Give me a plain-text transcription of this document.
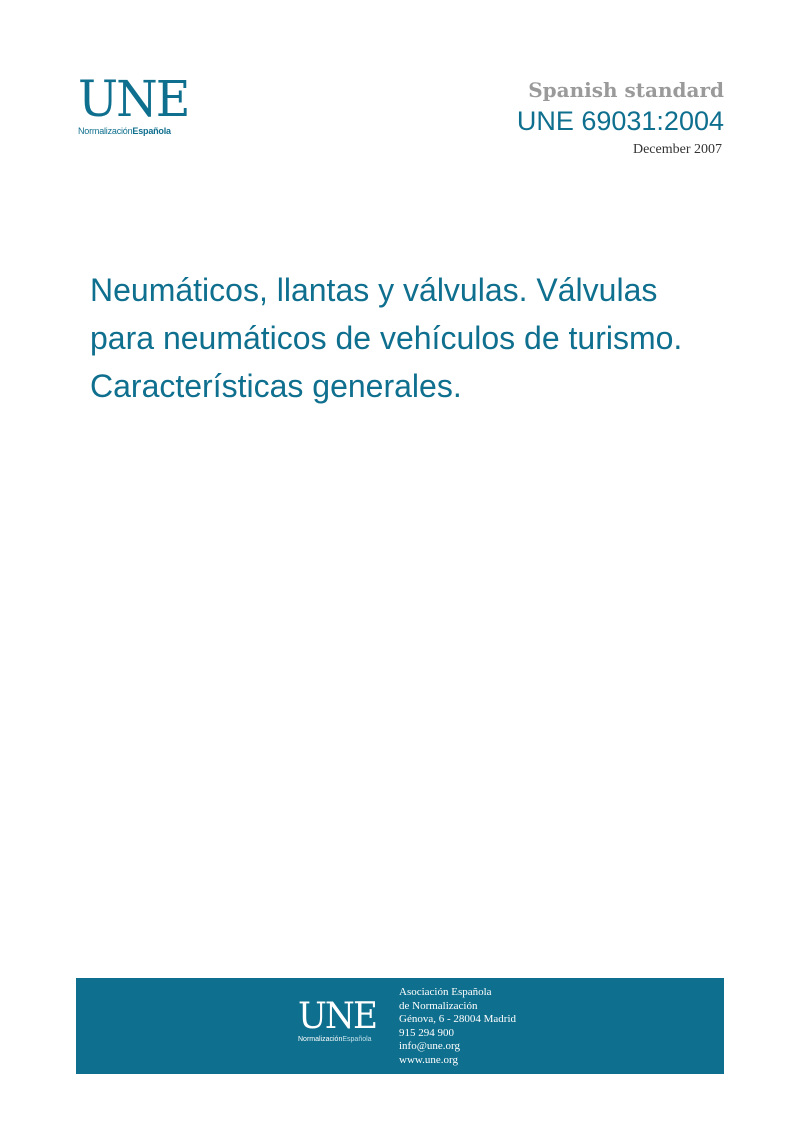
UNE
NormalizaciónEspañola
Spanish standard
UNE 69031:2004
December 2007
Neumáticos, llantas y válvulas. Válvulas
para neumáticos de vehículos de turismo.
Características generales.
UNE
NormalizaciónEspañola
Asociación Española
de Normalización
Génova, 6 - 28004 Madrid
915 294 900
info@une.org
www.une.org
